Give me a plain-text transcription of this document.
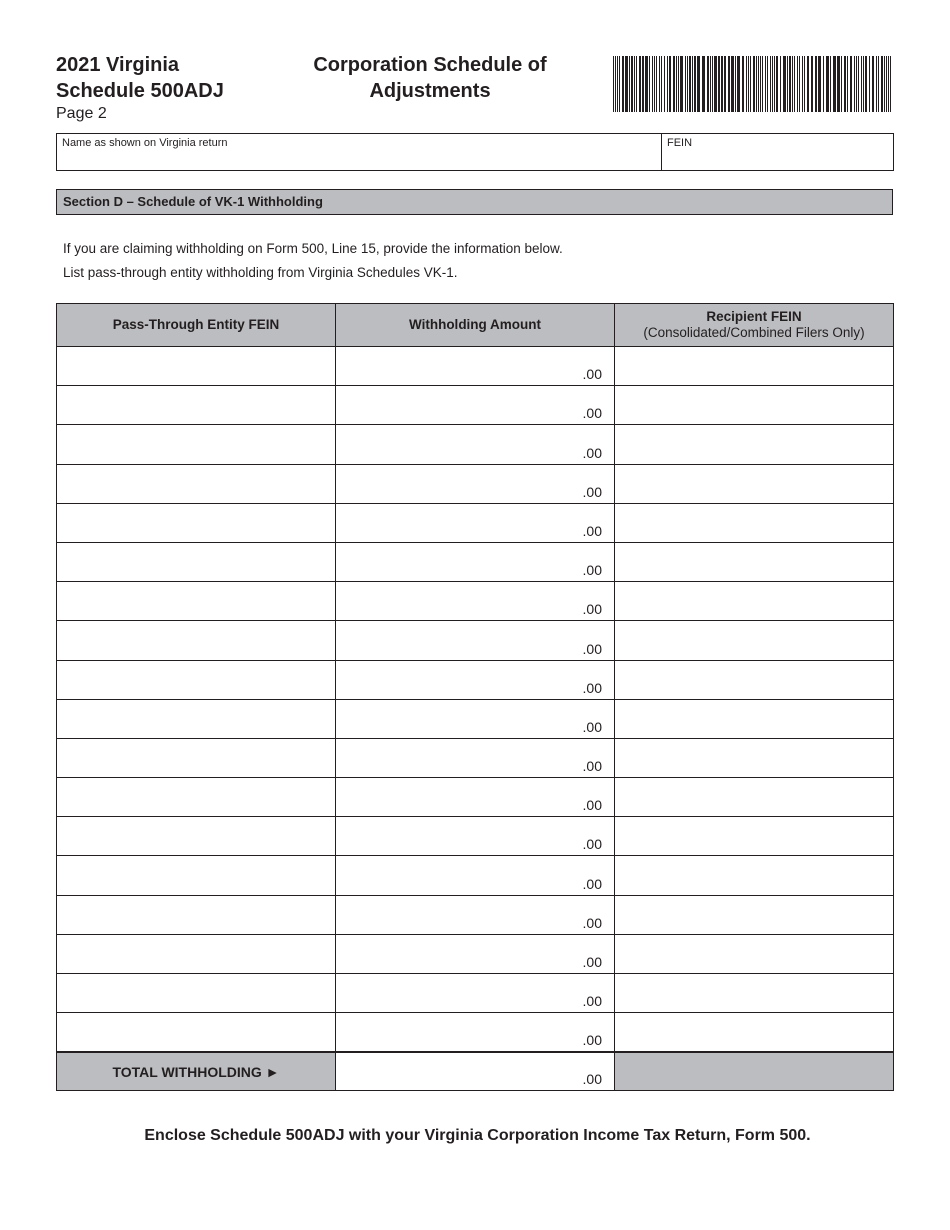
2021 Virginia
Schedule 500ADJ
Page 2
Corporation Schedule of
Adjustments
Name as shown on Virginia return	FEIN
Section D – Schedule of VK-1 Withholding
If you are claiming withholding on Form 500, Line 15, provide the information below.
List pass-through entity withholding from Virginia Schedules VK-1.
Pass-Through Entity FEIN	Withholding Amount	Recipient FEIN
(Consolidated/Combined Filers Only)

	.00	
	.00	
	.00	
	.00	
	.00	
	.00	
	.00	
	.00	
	.00	
	.00	
	.00	
	.00	
	.00	
	.00	
	.00	
	.00	
	.00	
	.00	
TOTAL WITHHOLDING ►	.00	
Enclose Schedule 500ADJ with your Virginia Corporation Income Tax Return, Form 500.
